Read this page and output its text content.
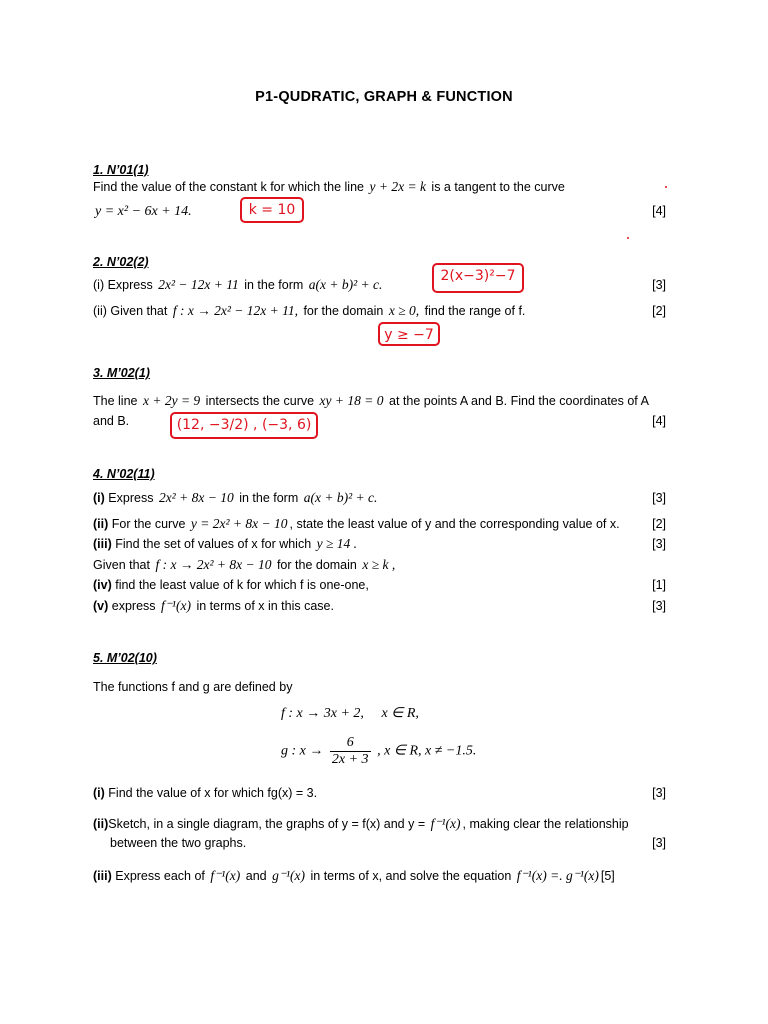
P1-QUDRATIC, GRAPH & FUNCTION
1. N’01(1)
Find the value of the constant k for which the line y + 2x = k is a tangent to the curve
y = x² − 6x + 14.	[4]
k = 10
2. N’02(2)
(i) Express 2x² − 12x + 11 in the form a(x + b)² + c.	[3]
2(x−3)²−7
(ii) Given that f : x → 2x² − 12x + 11, for the domain x ≥ 0, find the range of f.	[2]
y ≥ −7
3. M’02(1)
The line x + 2y = 9 intersects the curve xy + 18 = 0 at the points A and B. Find the coordinates of A
and B.	[4]
(12, −3/2) , (−3, 6)
4. N’02(11)
(i) Express 2x² + 8x − 10 in the form a(x + b)² + c.	[3]
(ii) For the curve y = 2x² + 8x − 10 , state the least value of y and the corresponding value of x.	[2]
(iii) Find the set of values of x for which y ≥ 14 .	[3]
Given that f : x → 2x² + 8x − 10 for the domain x ≥ k ,
(iv) find the least value of k for which f is one-one,	[1]
(v) express f⁻¹(x) in terms of x in this case.	[3]
5. M’02(10)
The functions f and g are defined by
f : x → 3x + 2, x ∈ R,
g : $x \to \frac{6}{2x + 3}$ , x ∈ R, x ≠ −1.5.
(i) Find the value of x for which fg(x) = 3.	[3]
(ii)Sketch, in a single diagram, the graphs of y = f(x) and y = f⁻¹(x) , making clear the relationship
between the two graphs.	[3]
(iii) Express each of f⁻¹(x) and g⁻¹(x) in terms of x, and solve the equation f⁻¹(x) =. g⁻¹(x) [5]
